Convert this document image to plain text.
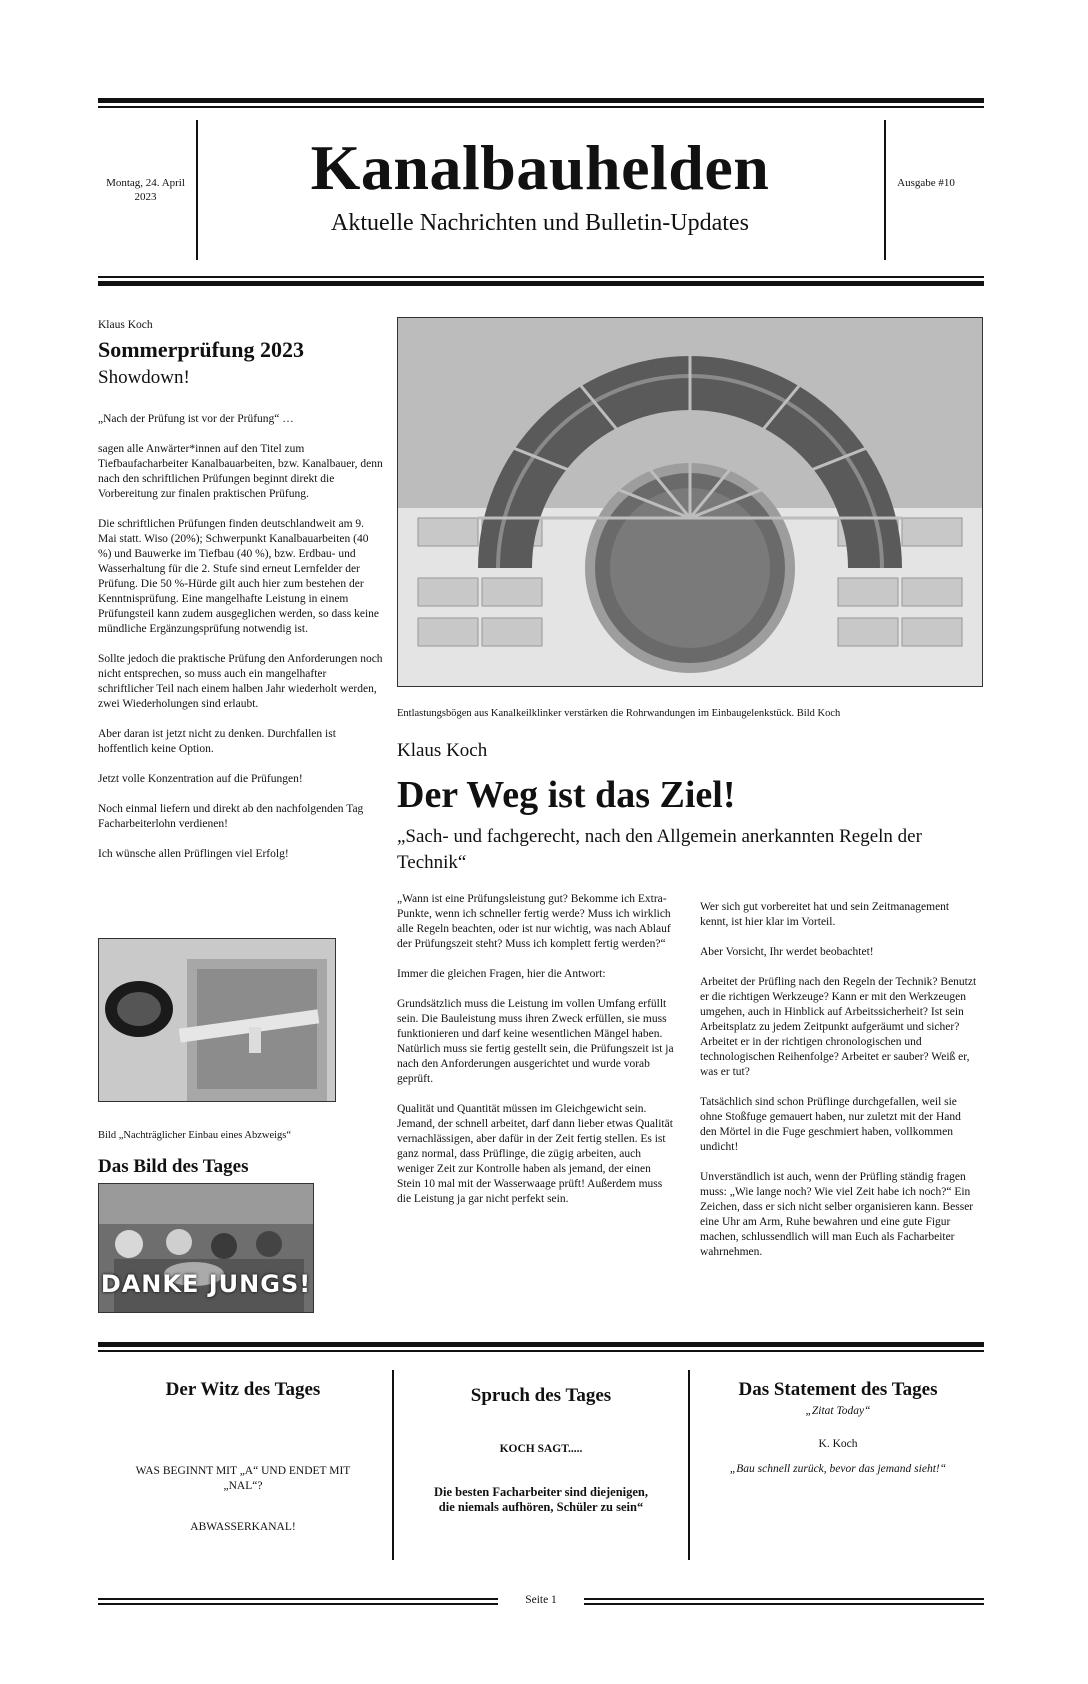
Montag, 24. April 2023	Kanalbauhelden
Aktuelle Nachrichten und Bulletin-Updates
Ausgabe #10
Klaus Koch
Sommerprüfung 2023
Showdown!

„Nach der Prüfung ist vor der Prüfung“ …

sagen alle Anwärter*innen auf den Titel zum Tiefbaufacharbeiter Kanalbauarbeiten, bzw. Kanalbauer, denn nach den schriftlichen Prüfungen beginnt direkt die Vorbereitung zur finalen praktischen Prüfung.

Die schriftlichen Prüfungen finden deutschlandweit am 9. Mai statt. Wiso (20%); Schwerpunkt Kanalbauarbeiten (40 %) und Bauwerke im Tiefbau (40 %), bzw. Erdbau- und Wasserhaltung für die 2. Stufe sind erneut Lernfelder der Prüfung. Die 50 %-Hürde gilt auch hier zum bestehen der Kenntnisprüfung. Eine mangelhafte Leistung in einem Prüfungsteil kann zudem ausgeglichen werden, so dass keine mündliche Ergänzungsprüfung notwendig ist.

Sollte jedoch die praktische Prüfung den Anforderungen noch nicht entsprechen, so muss auch ein mangelhafter schriftlicher Teil nach einem halben Jahr wiederholt werden, zwei Wiederholungen sind erlaubt.

Aber daran ist jetzt nicht zu denken. Durchfallen ist hoffentlich keine Option.

Jetzt volle Konzentration auf die Prüfungen!

Noch einmal liefern und direkt ab den nachfolgenden Tag Facharbeiterlohn verdienen!

Ich wünsche allen Prüflingen viel Erfolg!

Bild „Nachträglicher Einbau eines Abzweigs“
Das Bild des Tages
DANKE JUNGS!
Entlastungsbögen aus Kanalkeilklinker verstärken die Rohrwandungen im Einbaugelenkstück. Bild Koch
Klaus Koch
Der Weg ist das Ziel!
„Sach- und fachgerecht, nach den Allgemein anerkannten Regeln der Technik“

„Wann ist eine Prüfungsleistung gut? Bekomme ich Extra-Punkte, wenn ich schneller fertig werde? Muss ich wirklich alle Regeln beachten, oder ist nur wichtig, was nach Ablauf der Prüfungszeit steht? Muss ich komplett fertig werden?“

Immer die gleichen Fragen, hier die Antwort:

Grundsätzlich muss die Leistung im vollen Umfang erfüllt sein. Die Bauleistung muss ihren Zweck erfüllen, sie muss funktionieren und darf keine wesentlichen Mängel haben. Natürlich muss sie fertig gestellt sein, die Prüfungszeit ist ja nach den Anforderungen ausgerichtet und wurde vorab geprüft.

Qualität und Quantität müssen im Gleichgewicht sein. Jemand, der schnell arbeitet, darf dann lieber etwas Qualität vernachlässigen, aber dafür in der Zeit fertig stellen. Es ist ganz normal, dass Prüflinge, die zügig arbeiten, auch weniger Zeit zur Kontrolle haben als jemand, der einen Stein 10 mal mit der Wasserwaage prüft! Außerdem muss die Leistung ja gar nicht perfekt sein.

Wer sich gut vorbereitet hat und sein Zeitmanagement kennt, ist hier klar im Vorteil.

Aber Vorsicht, Ihr werdet beobachtet!

Arbeitet der Prüfling nach den Regeln der Technik? Benutzt er die richtigen Werkzeuge? Kann er mit den Werkzeugen umgehen, auch in Hinblick auf Arbeitssicherheit? Ist sein Arbeitsplatz zu jedem Zeitpunkt aufgeräumt und sicher? Arbeitet er in der richtigen chronologischen und technologischen Reihenfolge? Arbeitet er sauber? Weiß er, was er tut?

Tatsächlich sind schon Prüflinge durchgefallen, weil sie ohne Stoßfuge gemauert haben, nur zuletzt mit der Hand den Mörtel in die Fuge geschmiert haben, vollkommen undicht!

Unverständlich ist auch, wenn der Prüfling ständig fragen muss: „Wie lange noch? Wie viel Zeit habe ich noch?“ Ein Zeichen, dass er sich nicht selber organisieren kann. Besser eine Uhr am Arm, Ruhe bewahren und eine gute Figur machen, schlussendlich will man Euch als Facharbeiter wahrnehmen.

Der Witz des Tages
WAS BEGINNT MIT „A“ UND ENDET MIT „NAL“?
ABWASSERKANAL!
Spruch des Tages
KOCH SAGT.....
Die besten Facharbeiter sind diejenigen, die niemals aufhören, Schüler zu sein“
Das Statement des Tages
„Zitat Today“
K. Koch
„Bau schnell zurück, bevor das jemand sieht!“
Seite 1
